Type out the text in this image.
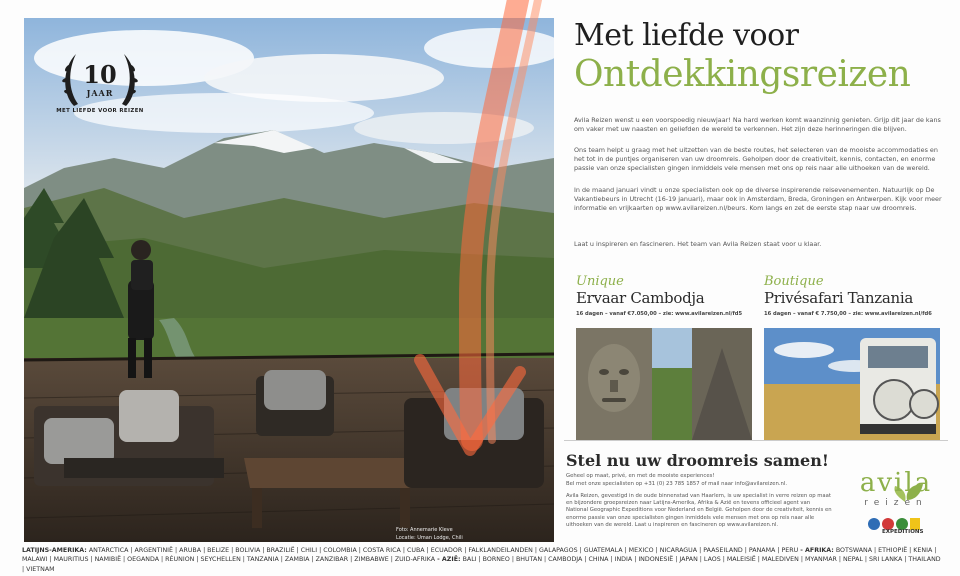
10
JAAR
MET LIEFDE VOOR REIZEN
Foto: Annemarie Kleve
Locatie: Uman Lodge, Chili
Met liefde voor
Ontdekkingsreizen

Avila Reizen wenst u een voorspoedig nieuwjaar! Na hard werken komt waanzinnig genieten. Grijp dit jaar de kans om vaker met uw naasten en geliefden de wereld te verkennen. Het zijn deze herinneringen die blijven.

Ons team helpt u graag met het uitzetten van de beste routes, het selecteren van de mooiste accommodaties en het tot in de puntjes organiseren van uw droomreis. Geholpen door de creativiteit, kennis, contacten, en enorme passie van onze specialisten gingen inmiddels vele mensen met ons op reis naar alle uithoeken van de wereld.

In de maand januari vindt u onze specialisten ook op de diverse inspirerende reisevenementen. Natuurlijk op De Vakantiebeurs in Utrecht (16-19 januari), maar ook in Amsterdam, Breda, Groningen en Antwerpen. Kijk voor meer informatie en vrijkaarten op www.avilareizen.nl/beurs. Kom langs en zet de eerste stap naar uw droomreis.

Laat u inspireren en fascineren. Het team van Avila Reizen staat voor u klaar.

Unique
Ervaar Cambodja
16 dagen – vanaf €7.050,00 – zie: www.avilareizen.nl/fd5
Boutique
Privésafari Tanzania
16 dagen – vanaf € 7.750,00 – zie: www.avilareizen.nl/fd6
Stel nu uw droomreis samen!
Geheel op maat, privé, en met de mooiste experiences!
Bel met onze specialisten op +31 (0) 23 785 1857 of mail naar info@avilareizen.nl.
Avila Reizen, gevestigd in de oude binnenstad van Haarlem, is uw specialist in verre reizen op maat en bijzondere groepsreizen naar Latijns-Amerika, Afrika & Azië en tevens officieel agent van National Geographic Expeditions voor Nederland en België. Geholpen door de creativiteit, kennis en enorme passie van onze specialisten gingen inmiddels vele mensen met ons op reis naar alle uithoeken van de wereld. Laat u inspireren en fascineren op www.avilareizen.nl.
avila
reizen
EXPEDITIONS
LATIJNS-AMERIKA: ANTARCTICA | ARGENTINIË | ARUBA | BELIZE | BOLIVIA | BRAZILIË | CHILI | COLOMBIA | COSTA RICA | CUBA | ECUADOR | FALKLANDEILANDEN | GALAPAGOS | GUATEMALA | MEXICO | NICARAGUA | PAASEILAND | PANAMA | PERU - AFRIKA: BOTSWANA | ETHIOPIË | KENIA | MALAWI | MAURITIUS | NAMIBIË | OEGANDA | RÉUNION | SEYCHELLEN | TANZANIA | ZAMBIA | ZANZIBAR | ZIMBABWE | ZUID-AFRIKA - AZIË: BALI | BORNEO | BHUTAN | CAMBODJA | CHINA | INDIA | INDONESIË | JAPAN | LAOS | MALEISIË | MALEDIVEN | MYANMAR | NEPAL | SRI LANKA | THAILAND | VIETNAM
